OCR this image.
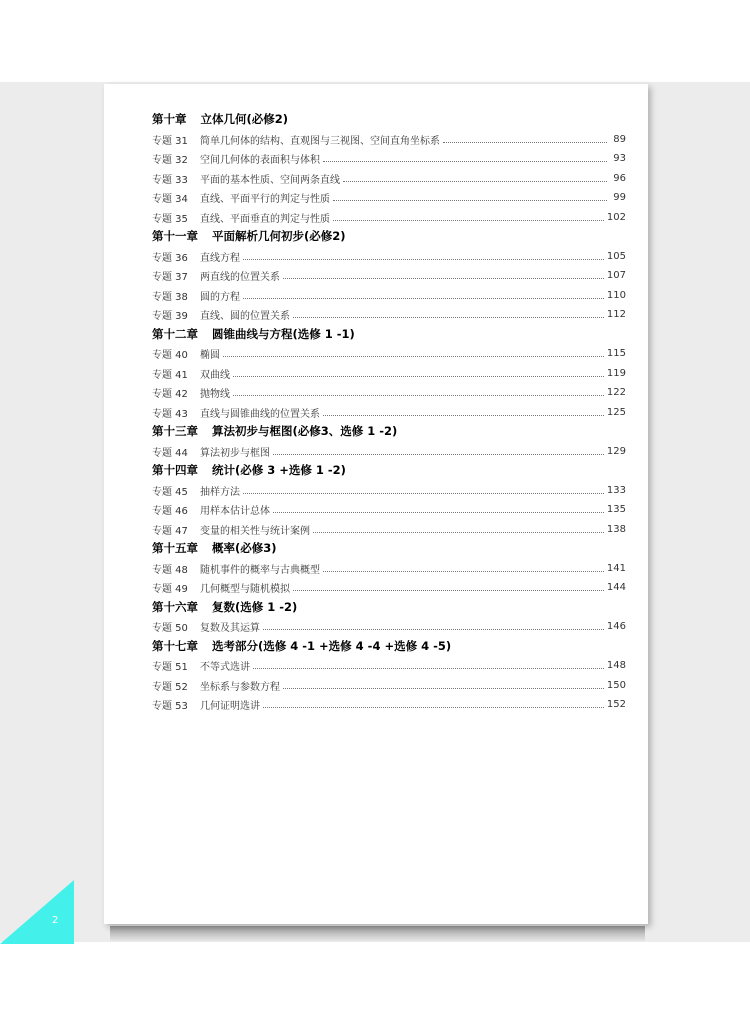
2
第十章 立体几何(必修2)
专题 31	简单几何体的结构、直观图与三视图、空间直角坐标系	89
专题 32	空间几何体的表面积与体积	93
专题 33	平面的基本性质、空间两条直线	96
专题 34	直线、平面平行的判定与性质	99
专题 35	直线、平面垂直的判定与性质	102
第十一章 平面解析几何初步(必修2)
专题 36	直线方程	105
专题 37	两直线的位置关系	107
专题 38	圆的方程	110
专题 39	直线、圆的位置关系	112
第十二章 圆锥曲线与方程(选修 1 -1)
专题 40	椭圆	115
专题 41	双曲线	119
专题 42	抛物线	122
专题 43	直线与圆锥曲线的位置关系	125
第十三章 算法初步与框图(必修3、选修 1 -2)
专题 44	算法初步与框图	129
第十四章 统计(必修 3 +选修 1 -2)
专题 45	抽样方法	133
专题 46	用样本估计总体	135
专题 47	变量的相关性与统计案例	138
第十五章 概率(必修3)
专题 48	随机事件的概率与古典概型	141
专题 49	几何概型与随机模拟	144
第十六章 复数(选修 1 -2)
专题 50	复数及其运算	146
第十七章 选考部分(选修 4 -1 +选修 4 -4 +选修 4 -5)
专题 51	不等式选讲	148
专题 52	坐标系与参数方程	150
专题 53	几何证明选讲	152
